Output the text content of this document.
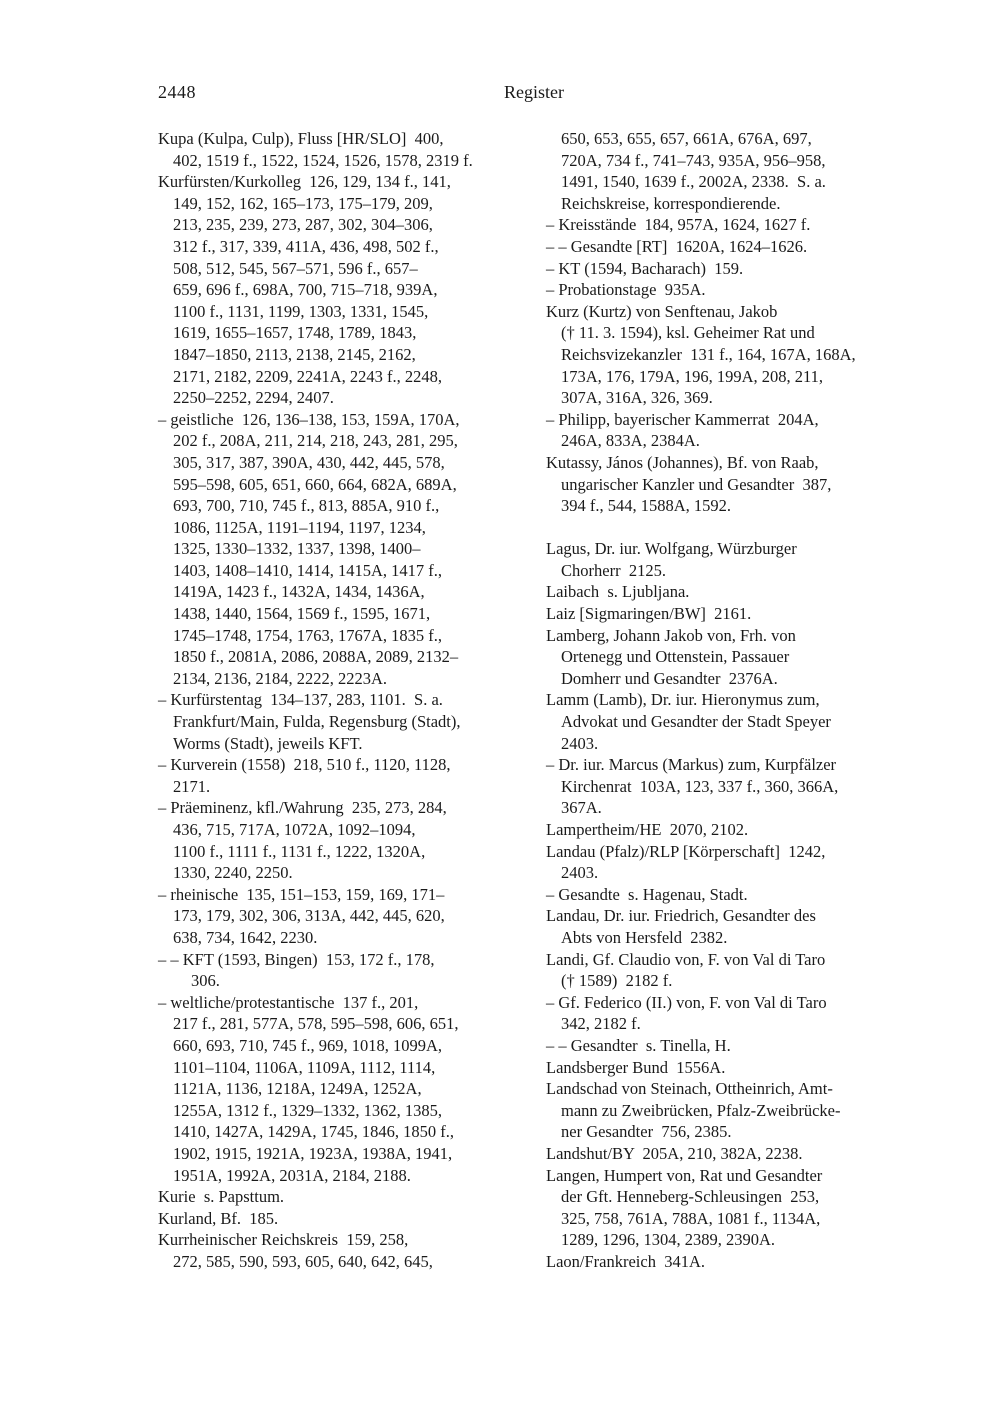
2448	Register
Kupa (Kulpa, Culp), Fluss [HR/SLO]  400,
402, 1519 f., 1522, 1524, 1526, 1578, 2319 f.
Kurfürsten/Kurkolleg  126, 129, 134 f., 141,
149, 152, 162, 165–173, 175–179, 209,
213, 235, 239, 273, 287, 302, 304–306,
312 f., 317, 339, 411A, 436, 498, 502 f.,
508, 512, 545, 567–571, 596 f., 657–
659, 696 f., 698A, 700, 715–718, 939A,
1100 f., 1131, 1199, 1303, 1331, 1545,
1619, 1655–1657, 1748, 1789, 1843,
1847–1850, 2113, 2138, 2145, 2162,
2171, 2182, 2209, 2241A, 2243 f., 2248,
2250–2252, 2294, 2407.
– geistliche  126, 136–138, 153, 159A, 170A,
202 f., 208A, 211, 214, 218, 243, 281, 295,
305, 317, 387, 390A, 430, 442, 445, 578,
595–598, 605, 651, 660, 664, 682A, 689A,
693, 700, 710, 745 f., 813, 885A, 910 f.,
1086, 1125A, 1191–1194, 1197, 1234,
1325, 1330–1332, 1337, 1398, 1400–
1403, 1408–1410, 1414, 1415A, 1417 f.,
1419A, 1423 f., 1432A, 1434, 1436A,
1438, 1440, 1564, 1569 f., 1595, 1671,
1745–1748, 1754, 1763, 1767A, 1835 f.,
1850 f., 2081A, 2086, 2088A, 2089, 2132–
2134, 2136, 2184, 2222, 2223A.
– Kurfürstentag  134–137, 283, 1101.  S. a.
Frankfurt/Main, Fulda, Regensburg (Stadt),
Worms (Stadt), jeweils KFT.
– Kurverein (1558)  218, 510 f., 1120, 1128,
2171.
– Präeminenz, kfl./Wahrung  235, 273, 284,
436, 715, 717A, 1072A, 1092–1094,
1100 f., 1111 f., 1131 f., 1222, 1320A,
1330, 2240, 2250.
– rheinische  135, 151–153, 159, 169, 171–
173, 179, 302, 306, 313A, 442, 445, 620,
638, 734, 1642, 2230.
– – KFT (1593, Bingen)  153, 172 f., 178,
306.
– weltliche/protestantische  137 f., 201,
217 f., 281, 577A, 578, 595–598, 606, 651,
660, 693, 710, 745 f., 969, 1018, 1099A,
1101–1104, 1106A, 1109A, 1112, 1114,
1121A, 1136, 1218A, 1249A, 1252A,
1255A, 1312 f., 1329–1332, 1362, 1385,
1410, 1427A, 1429A, 1745, 1846, 1850 f.,
1902, 1915, 1921A, 1923A, 1938A, 1941,
1951A, 1992A, 2031A, 2184, 2188.
Kurie  s. Papsttum.
Kurland, Bf.  185.
Kurrheinischer Reichskreis  159, 258,
272, 585, 590, 593, 605, 640, 642, 645,
650, 653, 655, 657, 661A, 676A, 697,
720A, 734 f., 741–743, 935A, 956–958,
1491, 1540, 1639 f., 2002A, 2338.  S. a.
Reichskreise, korrespondierende.
– Kreisstände  184, 957A, 1624, 1627 f.
– – Gesandte [RT]  1620A, 1624–1626.
– KT (1594, Bacharach)  159.
– Probationstage  935A.
Kurz (Kurtz) von Senftenau, Jakob
(† 11. 3. 1594), ksl. Geheimer Rat und
Reichsvizekanzler  131 f., 164, 167A, 168A,
173A, 176, 179A, 196, 199A, 208, 211,
307A, 316A, 326, 369.
– Philipp, bayerischer Kammerrat  204A,
246A, 833A, 2384A.
Kutassy, János (Johannes), Bf. von Raab,
ungarischer Kanzler und Gesandter  387,
394 f., 544, 1588A, 1592.
Lagus, Dr. iur. Wolfgang, Würzburger
Chorherr  2125.
Laibach  s. Ljubljana.
Laiz [Sigmaringen/BW]  2161.
Lamberg, Johann Jakob von, Frh. von
Ortenegg und Ottenstein, Passauer
Domherr und Gesandter  2376A.
Lamm (Lamb), Dr. iur. Hieronymus zum,
Advokat und Gesandter der Stadt Speyer
2403.
– Dr. iur. Marcus (Markus) zum, Kurpfälzer
Kirchenrat  103A, 123, 337 f., 360, 366A,
367A.
Lampertheim/HE  2070, 2102.
Landau (Pfalz)/RLP [Körperschaft]  1242,
2403.
– Gesandte  s. Hagenau, Stadt.
Landau, Dr. iur. Friedrich, Gesandter des
Abts von Hersfeld  2382.
Landi, Gf. Claudio von, F. von Val di Taro
(† 1589)  2182 f.
– Gf. Federico (II.) von, F. von Val di Taro
342, 2182 f.
– – Gesandter  s. Tinella, H.
Landsberger Bund  1556A.
Landschad von Steinach, Ottheinrich, Amt-
mann zu Zweibrücken, Pfalz-Zweibrücke-
ner Gesandter  756, 2385.
Landshut/BY  205A, 210, 382A, 2238.
Langen, Humpert von, Rat und Gesandter
der Gft. Henneberg-Schleusingen  253,
325, 758, 761A, 788A, 1081 f., 1134A,
1289, 1296, 1304, 2389, 2390A.
Laon/Frankreich  341A.
